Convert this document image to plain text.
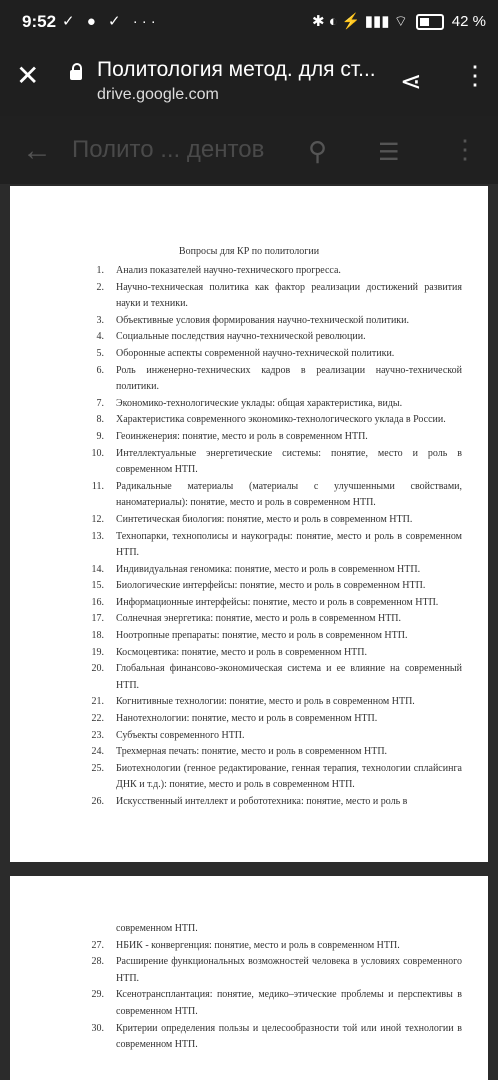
9:52 ✓ ● ✓ ···	✱ ◐ ⚡ ▮▮▮ ⌔	42 %
✕	Политология метод. для ст...
drive.google.com	⋖ ⋮
← Полито ... дентов ⚲ ☰ ⋮
Вопросы для КР по политологии
1. Анализ показателей научно-технического прогресса.
2. Научно-техническая политика как фактор реализации достижений развития науки и техники.
3. Объективные условия формирования научно-технической политики.
4. Социальные последствия научно-технической революции.
5. Оборонные аспекты современной научно-технической политики.
6. Роль инженерно-технических кадров в реализации научно-технической политики.
7. Экономико-технологические уклады: общая характеристика, виды.
8. Характеристика современного экономико-технологического уклада в России.
9. Геоинженерия: понятие, место и роль в современном НТП.
10. Интеллектуальные энергетические системы: понятие, место и роль в современном НТП.
11. Радикальные материалы (материалы с улучшенными свойствами, наноматериалы): понятие, место и роль в современном НТП.
12. Синтетическая биология: понятие, место и роль в современном НТП.
13. Технопарки, технополисы и наукограды: понятие, место и роль в современном НТП.
14. Индивидуальная геномика: понятие, место и роль в современном НТП.
15. Биологические интерфейсы: понятие, место и роль в современном НТП.
16. Информационные интерфейсы: понятие, место и роль в современном НТП.
17. Солнечная энергетика: понятие, место и роль в современном НТП.
18. Ноотропные препараты: понятие, место и роль в современном НТП.
19. Космоцевтика: понятие, место и роль в современном НТП.
20. Глобальная финансово-экономическая система и ее влияние на современный НТП.
21. Когнитивные технологии: понятие, место и роль в современном НТП.
22. Нанотехнологии: понятие, место и роль в современном НТП.
23. Субъекты современного НТП.
24. Трехмерная печать: понятие, место и роль в современном НТП.
25. Биотехнологии (генное редактирование, генная терапия, технологии сплайсинга ДНК и т.д.): понятие, место и роль в современном НТП.
26. Искусственный интеллект и робототехника: понятие, место и роль в
современном НТП.
27. НБИК - конвергенция: понятие, место и роль в современном НТП.
28. Расширение функциональных возможностей человека в условиях современного НТП.
29. Ксенотрансплантация: понятие, медико–этические проблемы и перспективы в современном НТП.
30. Критерии определения пользы и целесообразности той или иной технологии в современном НТП.
